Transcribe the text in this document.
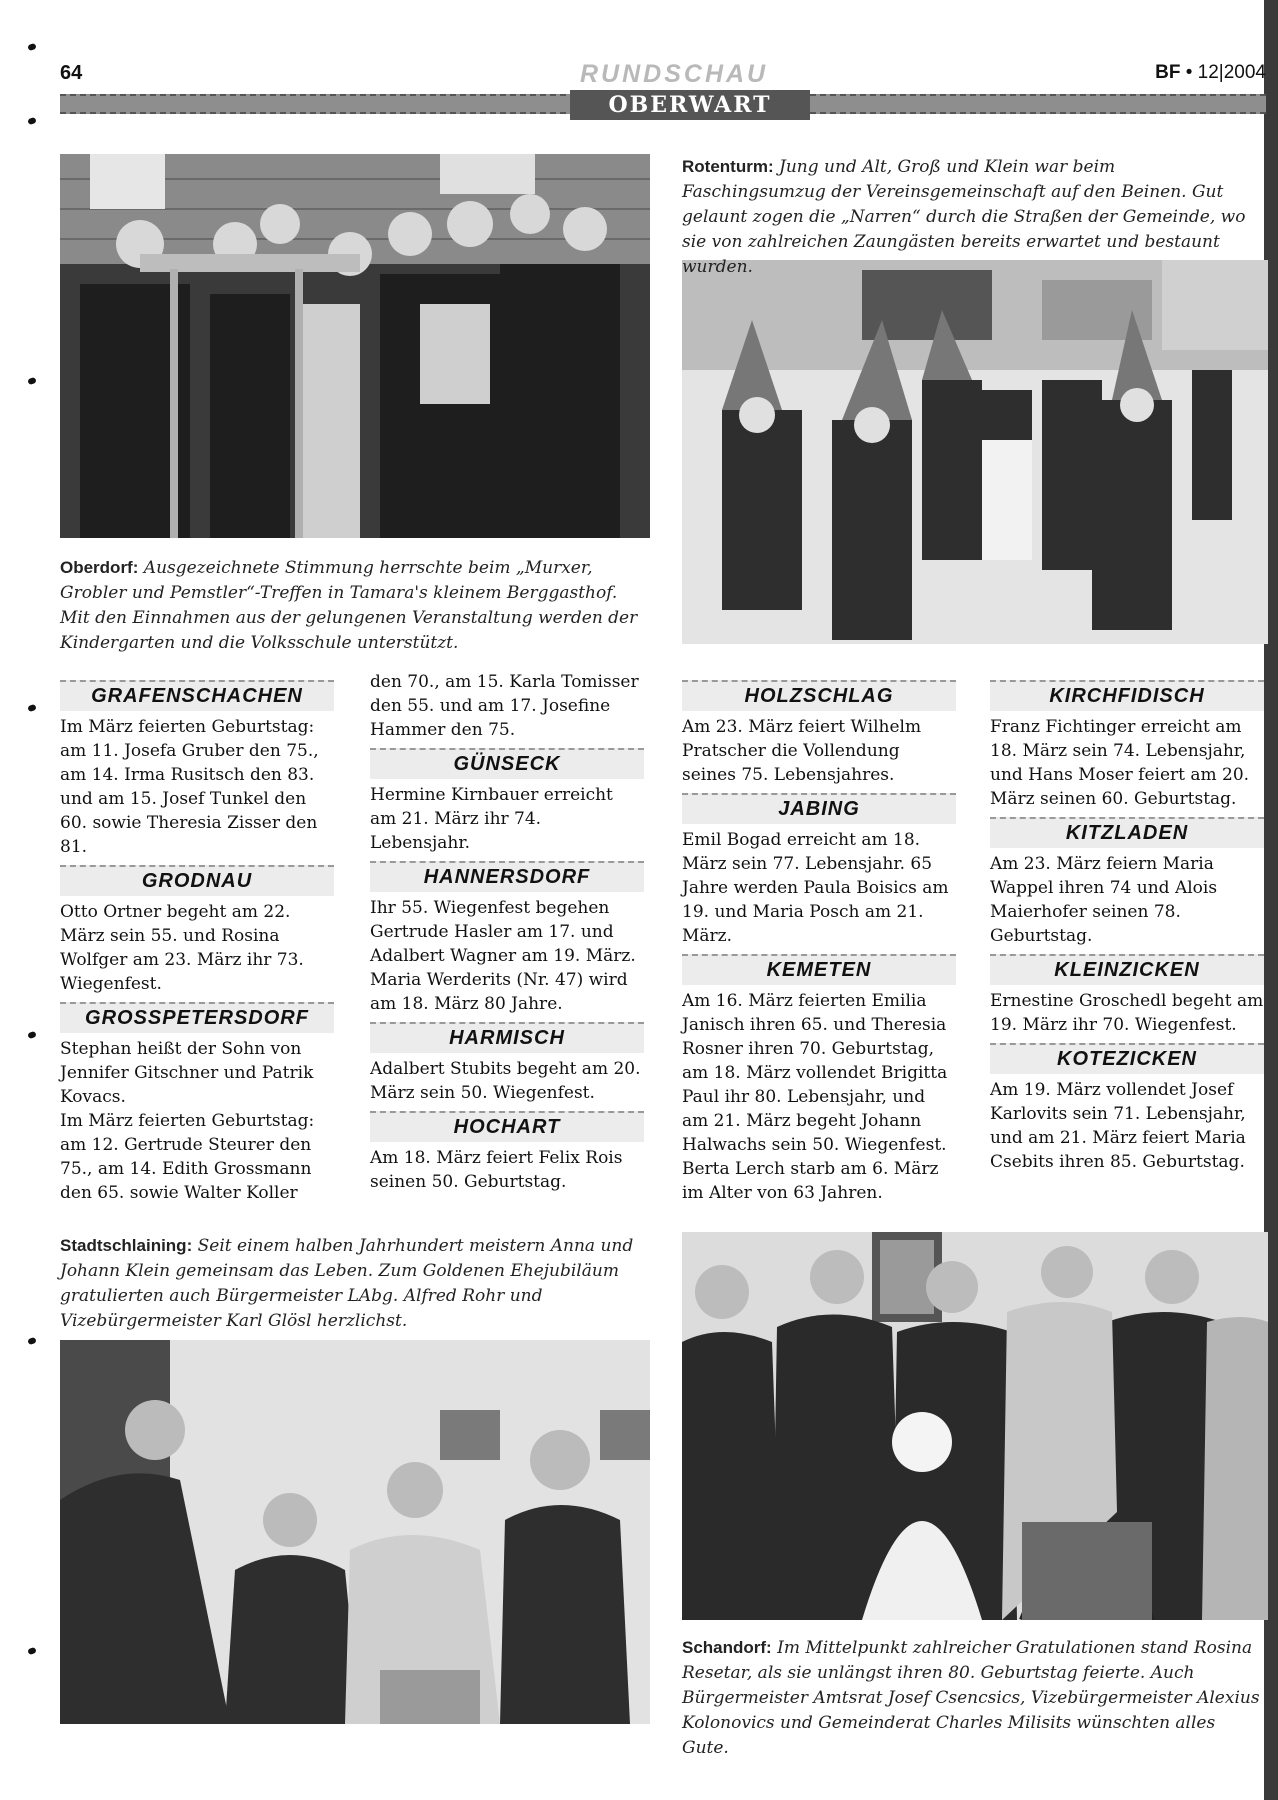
64	RUNDSCHAU	BF • 12|2004
OBERWART
Rotenturm: Jung und Alt, Groß und Klein war beim Faschingsumzug der Vereinsgemeinschaft auf den Beinen. Gut gelaunt zogen die „Narren“ durch die Straßen der Gemeinde, wo sie von zahlreichen Zaungästen bereits erwartet und bestaunt wurden.
Oberdorf: Ausgezeichnete Stimmung herrschte beim „Murxer, Grobler und Pemstler“-Treffen in Tamara's kleinem Berggasthof. Mit den Einnahmen aus der gelungenen Veranstaltung werden der Kindergarten und die Volksschule unterstützt.
GRAFENSCHACHEN

Im März feierten Geburtstag: am 11. Josefa Gruber den 75., am 14. Irma Rusitsch den 83. und am 15. Josef Tunkel den 60. sowie Theresia Zisser den 81.

GRODNAU

Otto Ortner begeht am 22. März sein 55. und Rosina Wolfger am 23. März ihr 73. Wiegenfest.

GROSSPETERSDORF

Stephan heißt der Sohn von Jennifer Gitschner und Patrik Kovacs.

Im März feierten Geburtstag: am 12. Gertrude Steurer den 75., am 14. Edith Grossmann den 65. sowie Walter Koller

den 70., am 15. Karla Tomisser den 55. und am 17. Josefine Hammer den 75.

GÜNSECK

Hermine Kirnbauer erreicht am 21. März ihr 74. Lebensjahr.

HANNERSDORF

Ihr 55. Wiegenfest begehen Gertrude Hasler am 17. und Adalbert Wagner am 19. März. Maria Werderits (Nr. 47) wird am 18. März 80 Jahre.

HARMISCH

Adalbert Stubits begeht am 20. März sein 50. Wiegenfest.

HOCHART

Am 18. März feiert Felix Rois seinen 50. Geburtstag.

HOLZSCHLAG

Am 23. März feiert Wilhelm Pratscher die Vollendung seines 75. Lebensjahres.

JABING

Emil Bogad erreicht am 18. März sein 77. Lebensjahr. 65 Jahre werden Paula Boisics am 19. und Maria Posch am 21. März.

KEMETEN

Am 16. März feierten Emilia Janisch ihren 65. und Theresia Rosner ihren 70. Geburtstag, am 18. März vollendet Brigitta Paul ihr 80. Lebensjahr, und am 21. März begeht Johann Halwachs sein 50. Wiegenfest. Berta Lerch starb am 6. März im Alter von 63 Jahren.

KIRCHFIDISCH

Franz Fichtinger erreicht am 18. März sein 74. Lebensjahr, und Hans Moser feiert am 20. März seinen 60. Geburtstag.

KITZLADEN

Am 23. März feiern Maria Wappel ihren 74 und Alois Maierhofer seinen 78. Geburtstag.

KLEINZICKEN

Ernestine Groschedl begeht am 19. März ihr 70. Wiegenfest.

KOTEZICKEN

Am 19. März vollendet Josef Karlovits sein 71. Lebensjahr, und am 21. März feiert Maria Csebits ihren 85. Geburtstag.

Stadtschlaining: Seit einem halben Jahrhundert meistern Anna und Johann Klein gemeinsam das Leben. Zum Goldenen Ehejubiläum gratulierten auch Bürgermeister LAbg. Alfred Rohr und Vizebürgermeister Karl Glösl herzlichst.
Schandorf: Im Mittelpunkt zahlreicher Gratulationen stand Rosina Resetar, als sie unlängst ihren 80. Geburtstag feierte. Auch Bürgermeister Amtsrat Josef Csencsics, Vizebürgermeister Alexius Kolonovics und Gemeinderat Charles Milisits wünschten alles Gute.
